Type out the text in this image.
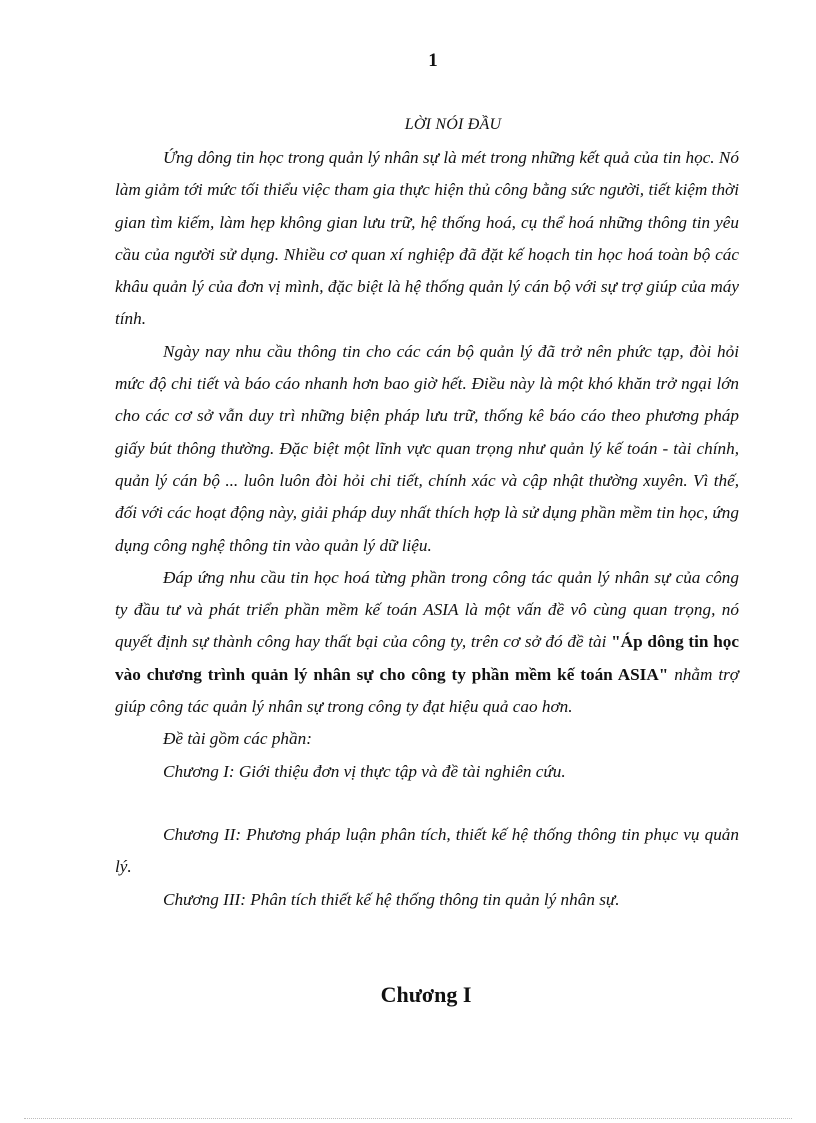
1
LỜI NÓI ĐẦU

Ứng dông tin học trong quản lý nhân sự là mét trong những kết quả của tin học. Nó làm giảm tới mức tối thiểu việc tham gia thực hiện thủ công bằng sức người, tiết kiệm thời gian tìm kiếm, làm hẹp không gian lưu trữ, hệ thống hoá, cụ thể hoá những thông tin yêu cầu của người sử dụng. Nhiều cơ quan xí nghiệp đã đặt kế hoạch tin học hoá toàn bộ các khâu quản lý của đơn vị mình, đặc biệt là hệ thống quản lý cán bộ với sự trợ giúp của máy tính.

Ngày nay nhu cầu thông tin cho các cán bộ quản lý đã trở nên phức tạp, đòi hỏi mức độ chi tiết và báo cáo nhanh hơn bao giờ hết. Điều này là một khó khăn trở ngại lớn cho các cơ sở vẫn duy trì những biện pháp lưu trữ, thống kê báo cáo theo phương pháp giấy bút thông thường. Đặc biệt một lĩnh vực quan trọng như quản lý kế toán - tài chính, quản lý cán bộ ... luôn luôn đòi hỏi chi tiết, chính xác và cập nhật thường xuyên. Vì thế, đối với các hoạt động này, giải pháp duy nhất thích hợp là sử dụng phần mềm tin học, ứng dụng công nghệ thông tin vào quản lý dữ liệu.

Đáp ứng nhu cầu tin học hoá từng phần trong công tác quản lý nhân sự của công ty đầu tư và phát triển phần mềm kế toán ASIA là một vấn đề vô cùng quan trọng, nó quyết định sự thành công hay thất bại của công ty, trên cơ sở đó đề tài "Áp dông tin học vào chương trình quản lý nhân sự cho công ty phần mềm kế toán ASIA" nhằm trợ giúp công tác quản lý nhân sự trong công ty đạt hiệu quả cao hơn.

Đề tài gồm các phần:

Chương I: Giới thiệu đơn vị thực tập và đề tài nghiên cứu.

Chương II: Phương pháp luận phân tích, thiết kế hệ thống thông tin phục vụ quản lý.

Chương III: Phân tích thiết kế hệ thống thông tin quản lý nhân sự.

Chương I
